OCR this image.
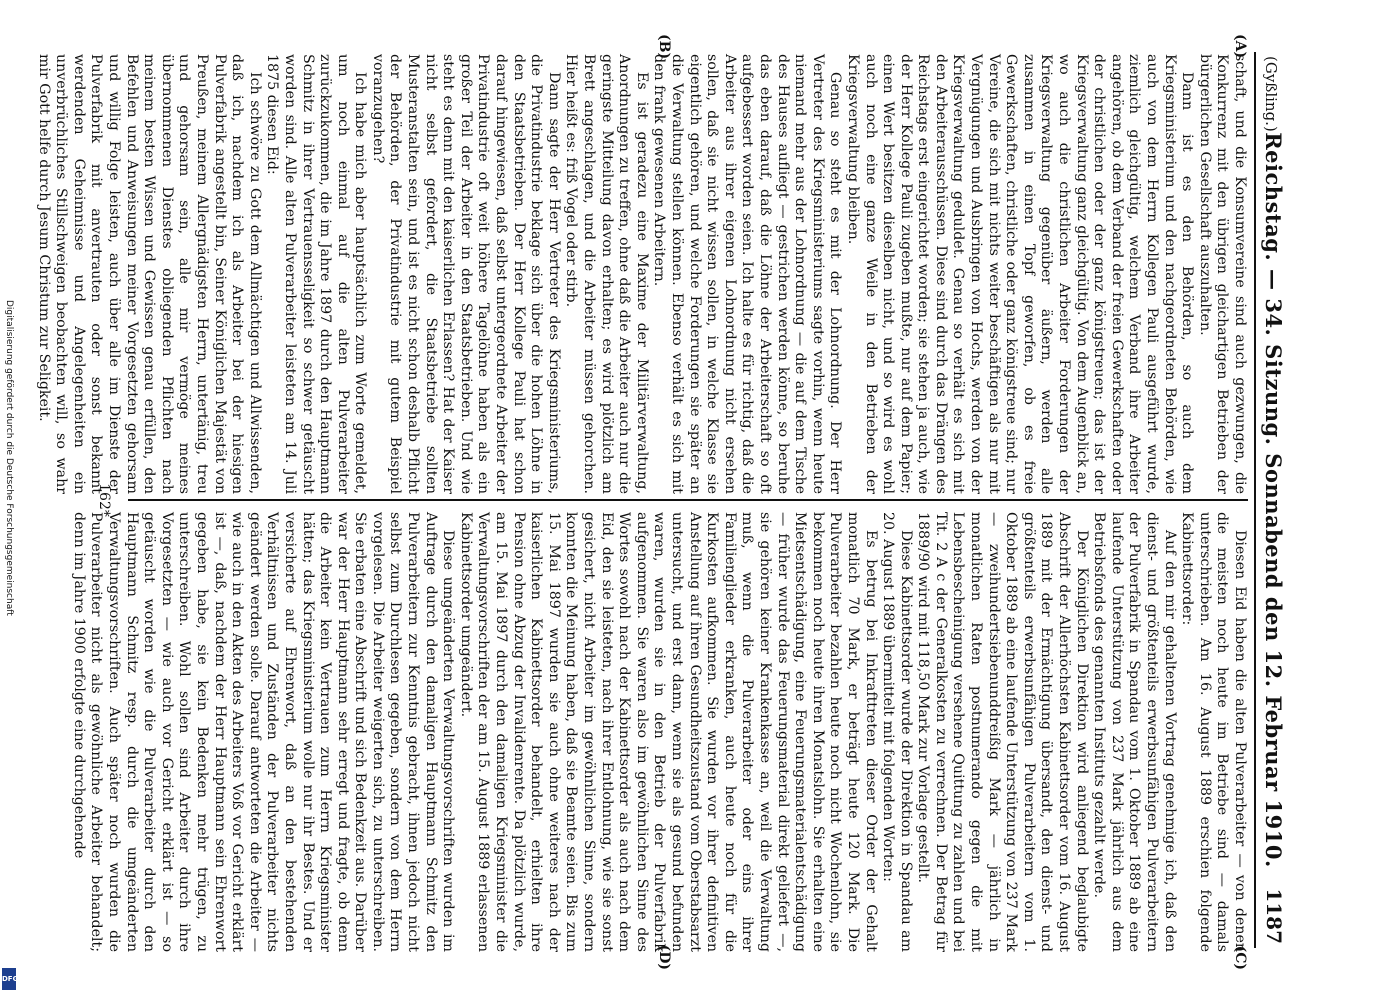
(Gyßling.)
Reichstag. — 34. Sitzung. Sonnabend den 12. Februar 1910.
1187
(A)
(B)
(C)
(D)

schaft, und die Konsumvereine sind auch gezwungen, die Konkurrenz mit den übrigen gleichartigen Betrieben der bürgerlichen Gesellschaft auszuhalten.

Dann ist es den Behörden, so auch dem Kriegsministerium und den nachgeordneten Behörden, wie auch von dem Herrn Kollegen Pauli ausgeführt wurde, ziemlich gleichgültig, welchem Verband ihre Arbeiter angehören, ob dem Verband der freien Gewerkschaften oder der christlichen oder der ganz königstreuen; das ist der Kriegsverwaltung ganz gleichgültig. Von dem Augenblick an, wo auch die christlichen Arbeiter Forderungen der Kriegsverwaltung gegenüber äußern, werden alle zusammen in einen Topf geworfen, ob es freie Gewerkschaften, christliche oder ganz königstreue sind; nur Vereine, die sich mit nichts weiter beschäftigen als nur mit Vergnügungen und Ausbringen von Hochs, werden von der Kriegsverwaltung geduldet. Genau so verhält es sich mit den Arbeiterausschüssen. Diese sind durch das Drängen des Reichstags erst eingerichtet worden; sie stehen ja auch, wie der Herr Kollege Pauli zugeben mußte, nur auf dem Papier; einen Wert besitzen dieselben nicht, und so wird es wohl auch noch eine ganze Weile in den Betrieben der Kriegsverwaltung bleiben.

Genau so steht es mit der Lohnordnung. Der Herr Vertreter des Kriegsministeriums sagte vorhin, wenn heute niemand mehr aus der Lohnordnung — die auf dem Tische des Hauses aufliegt — gestrichen werden könne, so beruhe das eben darauf, daß die Löhne der Arbeiterschaft so oft aufgebessert worden seien. Ich halte es für richtig, daß die Arbeiter aus ihrer eigenen Lohnordnung nicht ersehen sollen, daß sie nicht wissen sollen, in welche Klasse sie eigentlich gehören, und welche Forderungen sie später an die Verwaltung stellen können. Ebenso verhält es sich mit den frank gewesenen Arbeitern.

Es ist geradezu eine Maxime der Militärverwaltung, Anordnungen zu treffen, ohne daß die Arbeiter auch nur die geringste Mitteilung davon erhalten; es wird plötzlich am Brett angeschlagen, und die Arbeiter müssen gehorchen. Hier heißt es: friß Vogel oder stirb.

Dann sagte der Herr Vertreter des Kriegsministeriums, die Privatindustrie beklage sich über die hohen Löhne in den Staatsbetrieben. Der Herr Kollege Pauli hat schon darauf hingewiesen, daß selbst untergeordnete Arbeiter der Privatindustrie oft weit höhere Tagelöhne haben als ein großer Teil der Arbeiter in den Staatsbetrieben. Und wie steht es denn mit den kaiserlichen Erlassen? Hat der Kaiser nicht selbst gefordert, die Staatsbetriebe sollten Musteranstalten sein, und ist es nicht schon deshalb Pflicht der Behörden, der Privatindustrie mit gutem Beispiel voranzugehen?

Ich habe mich aber hauptsächlich zum Worte gemeldet, um noch einmal auf die alten Pulverarbeiter zurückzukommen, die im Jahre 1897 durch den Hauptmann Schmitz in ihrer Vertrauensseligkeit so schwer getäuscht worden sind. Alle alten Pulverarbeiter leisteten am 14. Juli 1875 diesen Eid:

Ich schwöre zu Gott dem Allmächtigen und Allwissenden, daß ich, nachdem ich als Arbeiter bei der hiesigen Pulverfabrik angestellt bin, Seiner Königlichen Majestät von Preußen, meinem Allergnädigsten Herrn, untertänig, treu und gehorsam sein, alle mir vermöge meines übernommenen Dienstes obliegenden Pflichten nach meinem besten Wissen und Gewissen genau erfüllen, den Befehlen und Anweisungen meiner Vorgesetzten gehorsam und willig Folge leisten, auch über alle im Dienste der Pulverfabrik mit anvertrauten oder sonst bekannt werdenden Geheimnisse und Angelegenheiten ein unverbrüchliches Stillschweigen beobachten will, so wahr mir Gott helfe durch Jesum Christum zur Seligkeit.

Diesen Eid haben die alten Pulverarbeiter — von denen die meisten noch heute im Betriebe sind — damals unterschrieben. Am 16. August 1889 erschien folgende Kabinettsorder:

Auf den mir gehaltenen Vortrag genehmige ich, daß den dienst- und größtenteils erwerbsunfähigen Pulverarbeitern der Pulverfabrik in Spandau vom 1. Oktober 1889 ab eine laufende Unterstützung von 237 Mark jährlich aus dem Betriebsfonds des genannten Instituts gezahlt werde.

Der Königlichen Direktion wird anliegend beglaubigte Abschrift der Allerhöchsten Kabinettsorder vom 16. August 1889 mit der Ermächtigung übersandt, den dienst- und größtenteils erwerbsunfähigen Pulverarbeitern vom 1. Oktober 1889 ab eine laufende Unterstützung von 237 Mark — zweihundertsiebenunddreißig Mark — jährlich in monatlichen Raten postnumerando gegen die mit Lebensbescheinigung versehene Quittung zu zahlen und bei Tit. 2 A c der Generalkosten zu verrechnen. Der Betrag für 1889/90 wird mit 118,50 Mark zur Vorlage gestellt.

Diese Kabinettsorder wurde der Direktion in Spandau am 20. August 1889 übermittelt mit folgenden Worten:

Es betrug bei Inkrafttreten dieser Order der Gehalt monatlich 70 Mark, er beträgt heute 120 Mark. Die Pulverarbeiter bezahlen heute noch nicht Wochenlohn, sie bekommen noch heute ihren Monatslohn. Sie erhalten eine Mietsentschädigung, eine Feuerungsmaterialentschädigung — früher wurde das Feuerungsmaterial direkt geliefert —, sie gehören keiner Krankenkasse an, weil die Verwaltung muß, wenn die Pulverarbeiter oder eins ihrer Familienglieder erkranken, auch heute noch für die Kurkosten aufkommen. Sie wurden vor ihrer definitiven Anstellung auf ihren Gesundheitszustand vom Oberstabsarzt untersucht, und erst dann, wenn sie als gesund befunden waren, wurden sie in den Betrieb der Pulverfabrik aufgenommen. Sie waren also im gewöhnlichen Sinne des Wortes sowohl nach der Kabinettsorder als auch nach dem Eid, den sie leisteten, nach ihrer Entlohnung, wie sie sonst gesichert, nicht Arbeiter im gewöhnlichen Sinne, sondern konnten die Meinung haben, daß sie Beamte seien. Bis zum 15. Mai 1897 wurden sie auch ohne weiteres nach der kaiserlichen Kabinettsorder behandelt, erhielten ihre Pension ohne Abzug der Invalidenrente. Da plötzlich wurde, am 15. Mai 1897 durch den damaligen Kriegsminister die Verwaltungsvorschriften der am 15. August 1889 erlassenen Kabinettsorder umgeändert.

Diese umgeänderten Verwaltungsvorschriften wurden im Auftrage durch den damaligen Hauptmann Schmitz den Pulverarbeitern zur Kenntnis gebracht, ihnen jedoch nicht selbst zum Durchlesen gegeben, sondern von dem Herrn vorgelesen. Die Arbeiter weigerten sich, zu unterschreiben. Sie erbaten eine Abschrift und sich Bedenkzeit aus. Darüber war der Herr Hauptmann sehr erregt und fragte, ob denn die Arbeiter kein Vertrauen zum Herrn Kriegsminister hätten; das Kriegsministerium wolle nur ihr Bestes. Und er versicherte auf Ehrenwort, daß an den bestehenden Verhältnissen und Zuständen der Pulverarbeiter nichts geändert werden solle. Darauf antworteten die Arbeiter — wie auch in den Akten des Arbeiters Voß vor Gericht erklärt ist —, daß, nachdem der Herr Hauptmann sein Ehrenwort gegeben habe, sie kein Bedenken mehr trügen, zu unterschreiben. Wohl sollen sind Arbeiter durch ihre Vorgesetzten — wie auch vor Gericht erklärt ist — so getäuscht worden wie die Pulverarbeiter durch den Hauptmann Schmitz resp. durch die umgeänderten Verwaltungsvorschriften. Auch später noch wurden die Pulverarbeiter nicht als gewöhnliche Arbeiter behandelt; denn im Jahre 1900 erfolgte eine durchgehende

162*
Digitalisierung gefördert durch die Deutsche Forschungsgemeinschaft
DFG
